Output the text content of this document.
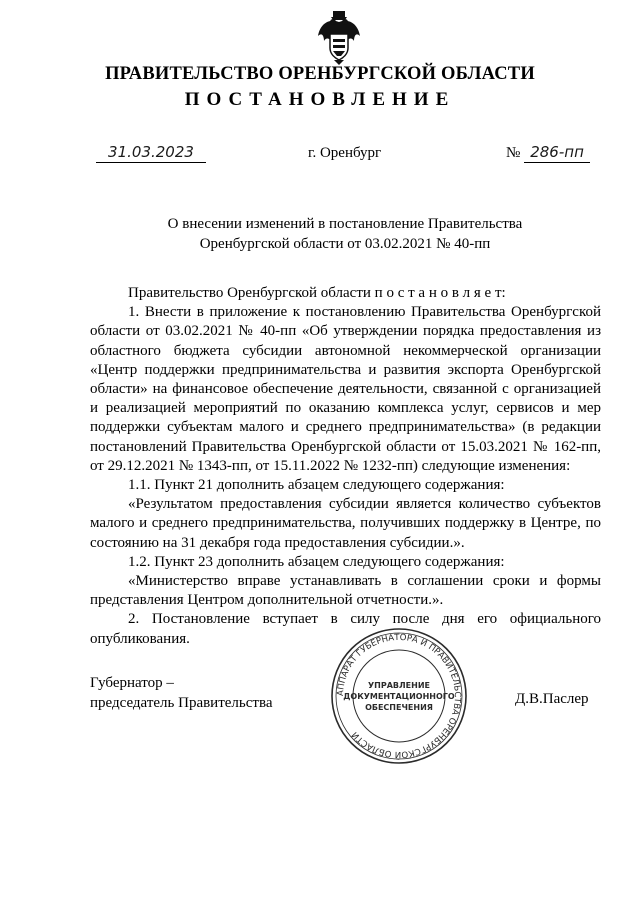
ПРАВИТЕЛЬСТВО ОРЕНБУРГСКОЙ ОБЛАСТИ
ПОСТАНОВЛЕНИЕ
31.03.2023	г. Оренбург	№ 286-пп
О внесении изменений в постановление Правительства
Оренбургской области от 03.02.2021 № 40-пп

Правительство Оренбургской области п о с т а н о в л я е т:

1. Внести в приложение к постановлению Правительства Оренбургской области от 03.02.2021 № 40-пп «Об утверждении порядка предоставления из областного бюджета субсидии автономной некоммерческой организации «Центр поддержки предпринимательства и развития экспорта Оренбургской области» на финансовое обеспечение деятельности, связанной с организацией и реализацией мероприятий по оказанию комплекса услуг, сервисов и мер поддержки субъектам малого и среднего предпринимательства» (в редакции постановлений Правительства Оренбургской области от 15.03.2021 № 162-пп, от 29.12.2021 № 1343-пп, от 15.11.2022 № 1232-пп) следующие изменения:

1.1. Пункт 21 дополнить абзацем следующего содержания:

«Результатом предоставления субсидии является количество субъектов малого и среднего предпринимательства, получивших поддержку в Центре, по состоянию на 31 декабря года предоставления субсидии.».

1.2. Пункт 23 дополнить абзацем следующего содержания:

«Министерство вправе устанавливать в соглашении сроки и формы представления Центром дополнительной отчетности.».

2. Постановление вступает в силу после дня его официального опубликования.

Губернатор –
председатель Правительства	Д.В.Паслер
АППАРАТ ГУБЕРНАТОРА И ПРАВИТЕЛЬСТВА ОРЕНБУРГСКОЙ ОБЛАСТИ
УПРАВЛЕНИЕ
ДОКУМЕНТАЦИОННОГО
ОБЕСПЕЧЕНИЯ
